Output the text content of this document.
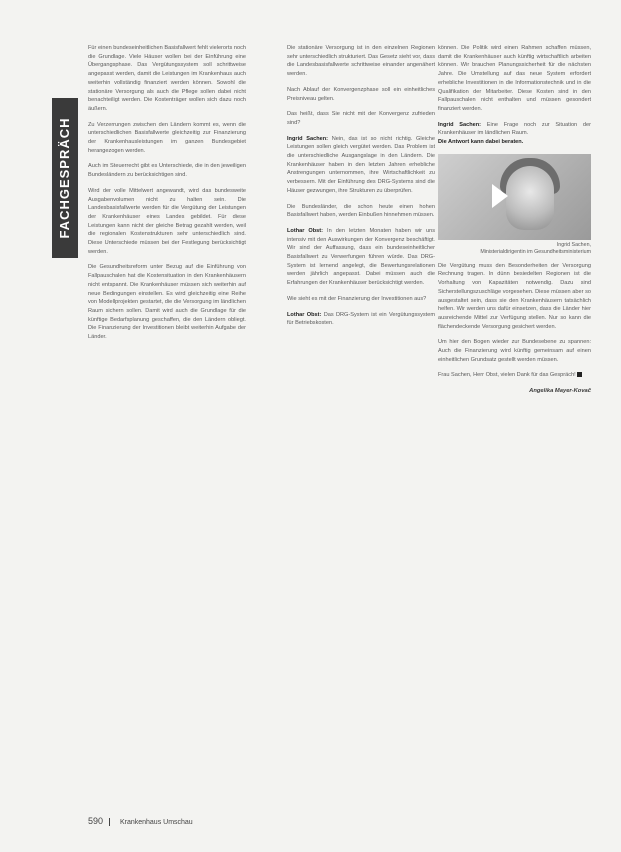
FACHGESPRÄCH

Für einen bundeseinheitlichen Basisfallwert fehlt vielerorts noch die Grundlage. Viele Häuser wollen bei der Einführung eine Übergangsphase. Das Vergütungssystem soll schrittweise angepasst werden, damit die Leistungen im Krankenhaus auch weiterhin vollständig finanziert werden können. Sowohl die stationäre Versorgung als auch die Pflege sollen dabei nicht benachteiligt werden. Die Kostenträger wollen sich dazu noch äußern.

Zu Verzerrungen zwischen den Ländern kommt es, wenn die unterschiedlichen Basisfallwerte gleichzeitig zur Finanzierung der Krankenhausleistungen im ganzen Bundesgebiet herangezogen werden.

Auch im Steuerrecht gibt es Unterschiede, die in den jeweiligen Bundesländern zu berücksichtigen sind.

Wird der volle Mittelwert angewandt, wird das bundesweite Ausgabenvolumen nicht zu halten sein. Die Landesbasisfallwerte werden für die Vergütung der Leistungen der Krankenhäuser eines Landes gebildet. Für diese Leistungen kann nicht der gleiche Betrag gezahlt werden, weil die regionalen Kostenstrukturen sehr unterschiedlich sind. Diese Unterschiede müssen bei der Festlegung berücksichtigt werden.

Die Gesundheitsreform unter Bezug auf die Einführung von Fallpauschalen hat die Kostensituation in den Krankenhäusern nicht entspannt. Die Krankenhäuser müssen sich weiterhin auf neue Bedingungen einstellen. Es wird gleichzeitig eine Reihe von Modellprojekten gestartet, die die Versorgung im ländlichen Raum sichern sollen. Damit wird auch die Grundlage für die künftige Bedarfsplanung geschaffen, die den Ländern obliegt. Die Finanzierung der Investitionen bleibt weiterhin Aufgabe der Länder.

Die stationäre Versorgung ist in den einzelnen Regionen sehr unterschiedlich strukturiert. Das Gesetz sieht vor, dass die Landesbasisfallwerte schrittweise einander angenähert werden.

Nach Ablauf der Konvergenzphase soll ein einheitliches Preisniveau gelten.

Das heißt, dass Sie nicht mit der Konvergenz zufrieden sind?

Ingrid Sachen: Nein, das ist so nicht richtig. Gleiche Leistungen sollen gleich vergütet werden. Das Problem ist die unterschiedliche Ausgangslage in den Ländern. Die Krankenhäuser haben in den letzten Jahren erhebliche Anstrengungen unternommen, ihre Wirtschaftlichkeit zu verbessern. Mit der Einführung des DRG-Systems sind die Häuser gezwungen, ihre Strukturen zu überprüfen.

Die Bundesländer, die schon heute einen hohen Basisfallwert haben, werden Einbußen hinnehmen müssen.

Lothar Obst: In den letzten Monaten haben wir uns intensiv mit den Auswirkungen der Konvergenz beschäftigt. Wir sind der Auffassung, dass ein bundeseinheitlicher Basisfallwert zu Verwerfungen führen würde. Das DRG-System ist lernend angelegt, die Bewertungsrelationen werden jährlich angepasst. Dabei müssen auch die Erfahrungen der Krankenhäuser berücksichtigt werden.

Wie sieht es mit der Finanzierung der Investitionen aus?

Lothar Obst: Das DRG-System ist ein Vergütungssystem für Betriebskosten.

können. Die Politik wird einen Rahmen schaffen müssen, damit die Krankenhäuser auch künftig wirtschaftlich arbeiten können. Wir brauchen Planungssicherheit für die nächsten Jahre. Die Umstellung auf das neue System erfordert erhebliche Investitionen in die Informationstechnik und in die Qualifikation der Mitarbeiter. Diese Kosten sind in den Fallpauschalen nicht enthalten und müssen gesondert finanziert werden.

Ingrid Sachen: Eine Frage noch zur Situation der Krankenhäuser im ländlichen Raum.
Die Antwort kann dabei beraten.

Ingrid Sachen,
Ministerialdirigentin im Gesundheitsministerium

Die Vergütung muss den Besonderheiten der Versorgung Rechnung tragen. In dünn besiedelten Regionen ist die Vorhaltung von Kapazitäten notwendig. Dazu sind Sicherstellungszuschläge vorgesehen. Diese müssen aber so ausgestaltet sein, dass sie den Krankenhäusern tatsächlich helfen. Wir werden uns dafür einsetzen, dass die Länder hier ausreichende Mittel zur Verfügung stellen. Nur so kann die flächendeckende Versorgung gesichert werden.

Um hier den Bogen wieder zur Bundesebene zu spannen: Auch die Finanzierung wird künftig gemeinsam auf einen einheitlichen Grundsatz gestellt werden müssen.

Frau Sachen, Herr Obst, vielen Dank für das Gespräch!

Angelika Mayer-Kovač
590 Krankenhaus Umschau
